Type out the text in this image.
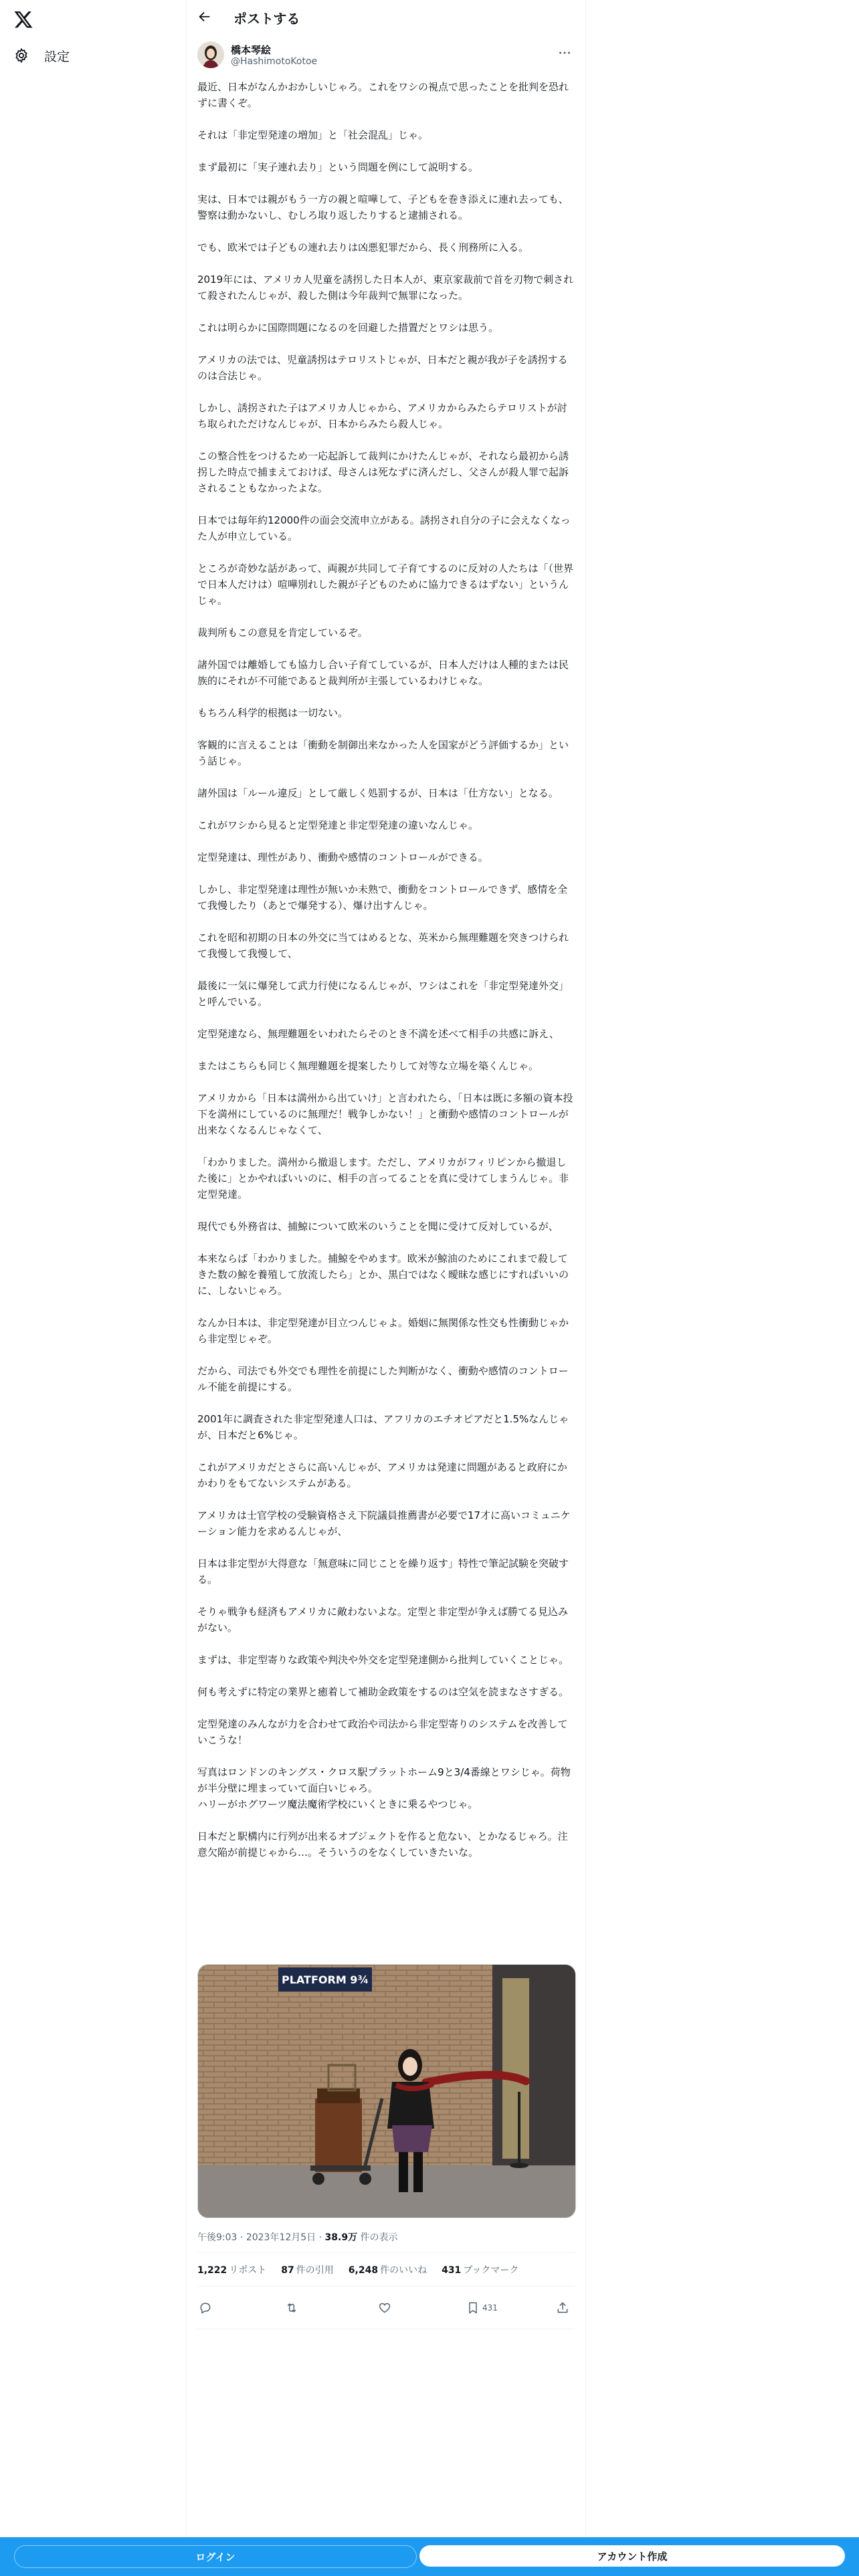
設定
ポストする
橋本琴絵
@HashimotoKotoe

最近、日本がなんかおかしいじゃろ。これをワシの視点で思ったことを批判を恐れずに書くぞ。

それは「非定型発達の増加」と「社会混乱」じゃ。

まず最初に「実子連れ去り」という問題を例にして説明する。

実は、日本では親がもう一方の親と喧嘩して、子どもを巻き添えに連れ去っても、警察は動かないし、むしろ取り返したりすると逮捕される。

でも、欧米では子どもの連れ去りは凶悪犯罪だから、長く刑務所に入る。

2019年には、アメリカ人児童を誘拐した日本人が、東京家裁前で首を刃物で刺されて殺されたんじゃが、殺した側は今年裁判で無罪になった。

これは明らかに国際問題になるのを回避した措置だとワシは思う。

アメリカの法では、児童誘拐はテロリストじゃが、日本だと親が我が子を誘拐するのは合法じゃ。

しかし、誘拐された子はアメリカ人じゃから、アメリカからみたらテロリストが討ち取られただけなんじゃが、日本からみたら殺人じゃ。

この整合性をつけるため一応起訴して裁判にかけたんじゃが、それなら最初から誘拐した時点で捕まえておけば、母さんは死なずに済んだし、父さんが殺人罪で起訴されることもなかったよな。

日本では毎年約12000件の面会交流申立がある。誘拐され自分の子に会えなくなった人が申立している。

ところが奇妙な話があって、両親が共同して子育てするのに反対の人たちは「（世界で日本人だけは）喧嘩別れした親が子どものために協力できるはずない」というんじゃ。

裁判所もこの意見を肯定しているぞ。

諸外国では離婚しても協力し合い子育てしているが、日本人だけは人種的または民族的にそれが不可能であると裁判所が主張しているわけじゃな。

もちろん科学的根拠は一切ない。

客観的に言えることは「衝動を制御出来なかった人を国家がどう評価するか」という話じゃ。

諸外国は「ルール違反」として厳しく処罰するが、日本は「仕方ない」となる。

これがワシから見ると定型発達と非定型発達の違いなんじゃ。

定型発達は、理性があり、衝動や感情のコントロールができる。

しかし、非定型発達は理性が無いか未熟で、衝動をコントロールできず、感情を全て我慢したり（あとで爆発する）、爆け出すんじゃ。

これを昭和初期の日本の外交に当てはめるとな、英米から無理難題を突きつけられて我慢して我慢して、

最後に一気に爆発して武力行使になるんじゃが、ワシはこれを「非定型発達外交」と呼んでいる。

定型発達なら、無理難題をいわれたらそのとき不満を述べて相手の共感に訴え、

またはこちらも同じく無理難題を提案したりして対等な立場を築くんじゃ。

アメリカから「日本は満州から出ていけ」と言われたら、「日本は既に多額の資本投下を満州にしているのに無理だ！戦争しかない！」と衝動や感情のコントロールが出来なくなるんじゃなくて、

「わかりました。満州から撤退します。ただし、アメリカがフィリピンから撤退した後に」とかやればいいのに、相手の言ってることを真に受けてしまうんじゃ。非定型発達。

現代でも外務省は、捕鯨について欧米のいうことを聞に受けて反対しているが、

本来ならば「わかりました。捕鯨をやめます。欧米が鯨油のためにこれまで殺してきた数の鯨を養殖して放流したら」とか、黒白ではなく曖昧な感じにすればいいのに、しないじゃろ。

なんか日本は、非定型発達が目立つんじゃよ。婚姻に無関係な性交も性衝動じゃから非定型じゃぞ。

だから、司法でも外交でも理性を前提にした判断がなく、衝動や感情のコントロール不能を前提にする。

2001年に調査された非定型発達人口は、アフリカのエチオピアだと1.5%なんじゃが、日本だと6%じゃ。

これがアメリカだとさらに高いんじゃが、アメリカは発達に問題があると政府にかかわりをもてないシステムがある。

アメリカは士官学校の受験資格さえ下院議員推薦書が必要で17才に高いコミュニケーション能力を求めるんじゃが、

日本は非定型が大得意な「無意味に同じことを繰り返す」特性で筆記試験を突破する。

そりゃ戦争も経済もアメリカに敵わないよな。定型と非定型が争えば勝てる見込みがない。

まずは、非定型寄りな政策や判決や外交を定型発達側から批判していくことじゃ。

何も考えずに特定の業界と癒着して補助金政策をするのは空気を読まなさすぎる。

定型発達のみんなが力を合わせて政治や司法から非定型寄りのシステムを改善していこうな！

写真はロンドンのキングス・クロス駅プラットホーム9と3/4番線とワシじゃ。荷物が半分壁に埋まっていて面白いじゃろ。
ハリーがホグワーツ魔法魔術学校にいくときに乗るやつじゃ。

日本だと駅構内に行列が出来るオブジェクトを作ると危ない、とかなるじゃろ。注意欠陥が前提じゃから…。そういうのをなくしていきたいな。

PLATFORM 9¾
午後9:03 · 2023年12月5日 · 38.9万 件の表示
1,222 リポスト 87 件の引用 6,248 件のいいね 431 ブックマーク
431
ログイン	アカウント作成
